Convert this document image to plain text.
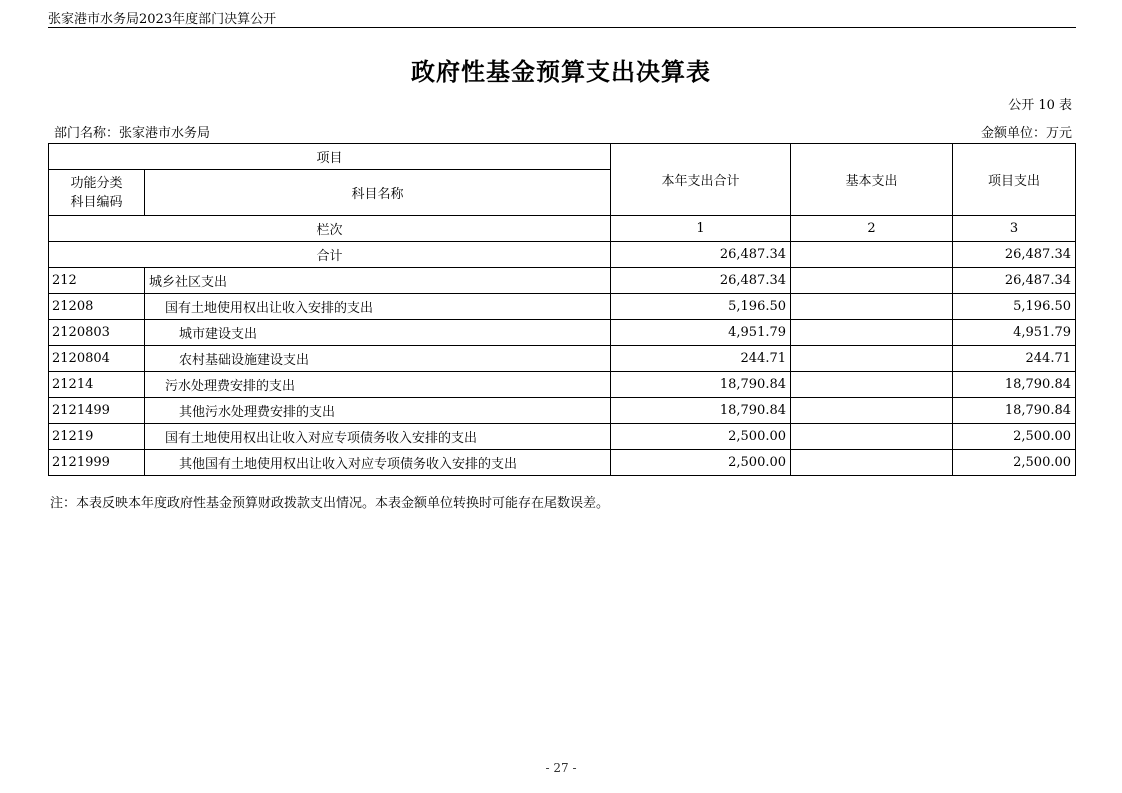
张家港市水务局2023年度部门决算公开
政府性基金预算支出决算表
公开 10 表
部门名称：张家港市水务局	金额单位：万元
项目		本年支出合计	基本支出	项目支出
功能分类
科目编码	科目名称			
栏次		1	2	3
合计		26,487.34		26,487.34
212	城乡社区支出	26,487.34		26,487.34
21208	国有土地使用权出让收入安排的支出	5,196.50		5,196.50
2120803	城市建设支出	4,951.79		4,951.79
2120804	农村基础设施建设支出	244.71		244.71
21214	污水处理费安排的支出	18,790.84		18,790.84
2121499	其他污水处理费安排的支出	18,790.84		18,790.84
21219	国有土地使用权出让收入对应专项债务收入安排的支出	2,500.00		2,500.00
2121999	其他国有土地使用权出让收入对应专项债务收入安排的支出	2,500.00		2,500.00
注：本表反映本年度政府性基金预算财政拨款支出情况。本表金额单位转换时可能存在尾数误差。
- 27 -
